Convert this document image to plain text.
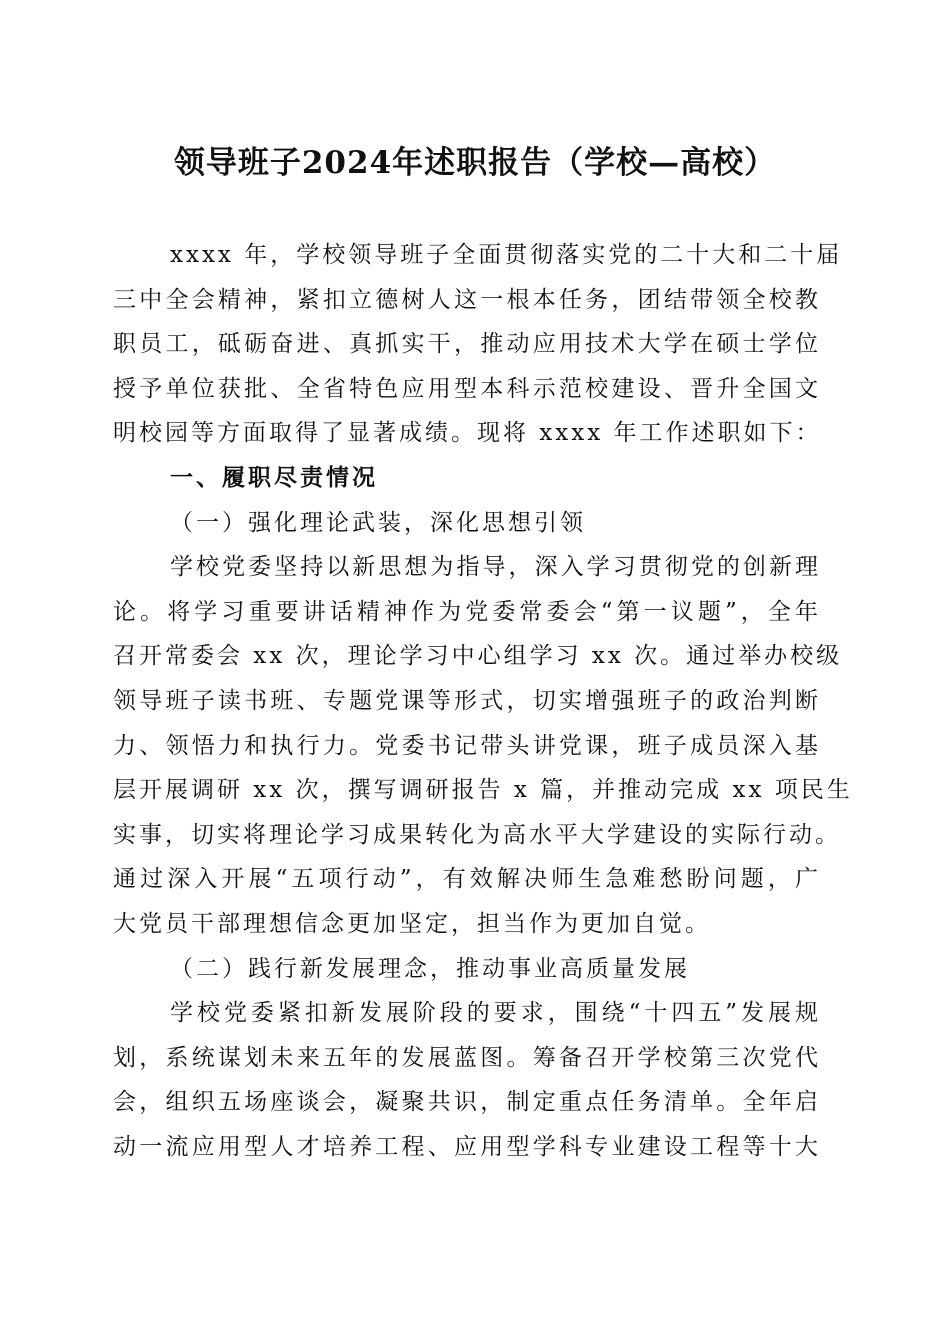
领导班子2024年述职报告（学校—高校）
xxxx 年，学校领导班子全面贯彻落实党的二十大和二十届
三中全会精神，紧扣立德树人这一根本任务，团结带领全校教
职员工，砥砺奋进、真抓实干，推动应用技术大学在硕士学位
授予单位获批、全省特色应用型本科示范校建设、晋升全国文
明校园等方面取得了显著成绩。现将 xxxx 年工作述职如下：
一、履职尽责情况
（一）强化理论武装，深化思想引领
学校党委坚持以新思想为指导，深入学习贯彻党的创新理
论。将学习重要讲话精神作为党委常委会“第一议题”，全年
召开常委会 xx 次，理论学习中心组学习 xx 次。通过举办校级
领导班子读书班、专题党课等形式，切实增强班子的政治判断
力、领悟力和执行力。党委书记带头讲党课，班子成员深入基
层开展调研 xx 次，撰写调研报告 x 篇，并推动完成 xx 项民生
实事，切实将理论学习成果转化为高水平大学建设的实际行动。
通过深入开展“五项行动”，有效解决师生急难愁盼问题，广
大党员干部理想信念更加坚定，担当作为更加自觉。
（二）践行新发展理念，推动事业高质量发展
学校党委紧扣新发展阶段的要求，围绕“十四五”发展规
划，系统谋划未来五年的发展蓝图。筹备召开学校第三次党代
会，组织五场座谈会，凝聚共识，制定重点任务清单。全年启
动一流应用型人才培养工程、应用型学科专业建设工程等十大
